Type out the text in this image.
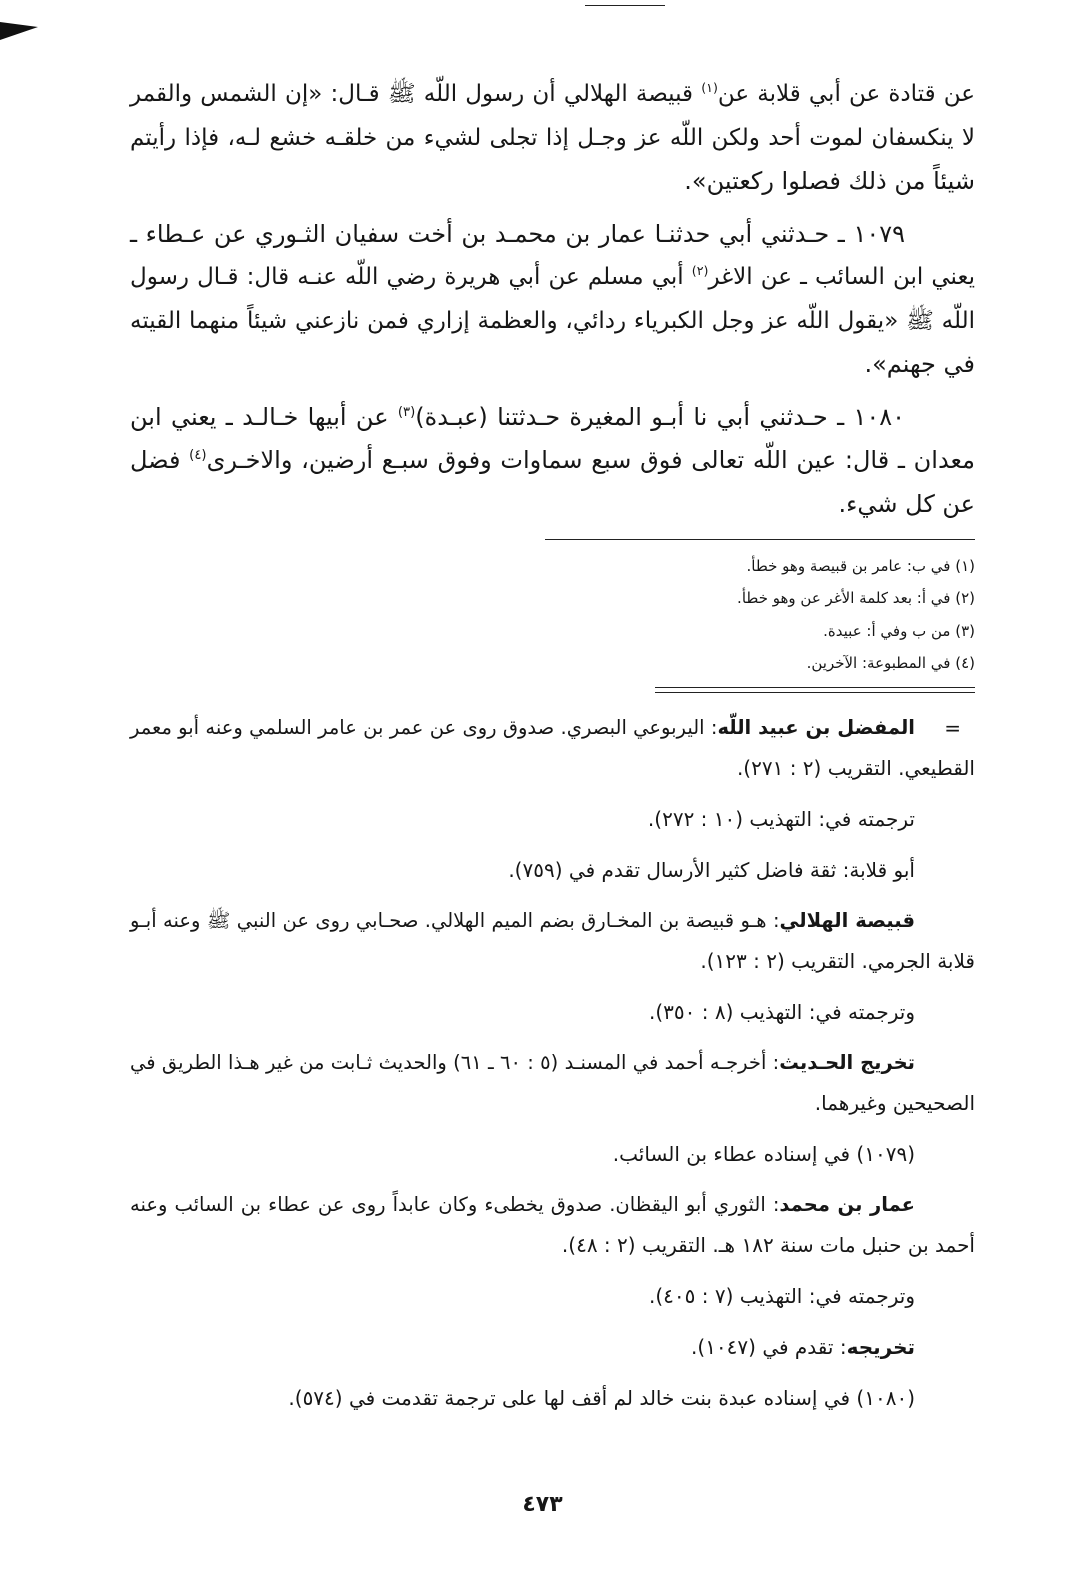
عن قتادة عن أبي قلابة عن$^{(١)}$ قبيصة الهلالي أن رسول اللّه ﷺ قـال: «إن الشمس والقمر
لا ينكسفان لموت أحد ولكن اللّه عز وجـل إذا تجلى لشيء من خلقـه خشع لـه، فإذا رأيتم
شيئاً من ذلك فصلوا ركعتين».
١٠٧٩ ـ حـدثني أبي حدثنـا عمار بن محمـد بن أخت سفيان الثـوري عن عـطاء ـ
يعني ابن السائب ـ عن الاغر$^{(٢)}$ أبي مسلم عن أبي هريرة رضي اللّه عنـه قال: قـال رسول
اللّه ﷺ «يقول اللّه عز وجل الكبرياء ردائي، والعظمة إزاري فمن نازعني شيئاً منهما القيته
في جهنم».
١٠٨٠ ـ حـدثني أبي نا أبـو المغيرة حـدثتنا (عبـدة)$^{(٣)}$ عن أبيها خـالـد ـ يعني ابن
معدان ـ قال: عين اللّه تعالى فوق سبع سماوات وفوق سبـع أرضين، والاخـرى$^{(٤)}$ فضل
عن كل شيء.
(١) في ب: عامر بن قبيصة وهو خطأ.
(٢) في أ: بعد كلمة الأغر عن وهو خطأ.
(٣) من ب وفي أ: عبيدة.
(٤) في المطبوعة: الآخرين.
=
المفضل بن عبيد اللّه: اليربوعي البصري. صدوق روى عن عمر بن عامر السلمي وعنه أبو معمر
القطيعي. التقريب (٢ : ٢٧١).
ترجمته في: التهذيب (١٠ : ٢٧٢).
أبو قلابة: ثقة فاضل كثير الأرسال تقدم في (٧٥٩).
قبيصة الهلالي: هـو قبيصة بن المخـارق بضم الميم الهلالي. صحـابي روى عن النبي ﷺ وعنه أبـو
قلابة الجرمي. التقريب (٢ : ١٢٣).
وترجمته في: التهذيب (٨ : ٣٥٠).
تخريج الحـديث: أخرجـه أحمد في المسنـد (٥ : ٦٠ ـ ٦١) والحديث ثـابت من غير هـذا الطريق في
الصحيحين وغيرهما.
(١٠٧٩) في إسناده عطاء بن السائب.
عمار بن محمد: الثوري أبو اليقظان. صدوق يخطىء وكان عابداً روى عن عطاء بن السائب وعنه
أحمد بن حنبل مات سنة ١٨٢ هـ. التقريب (٢ : ٤٨).
وترجمته في: التهذيب (٧ : ٤٠٥).
تخريجه: تقدم في (١٠٤٧).
(١٠٨٠) في إسناده عبدة بنت خالد لم أقف لها على ترجمة تقدمت في (٥٧٤).
٤٧٣
